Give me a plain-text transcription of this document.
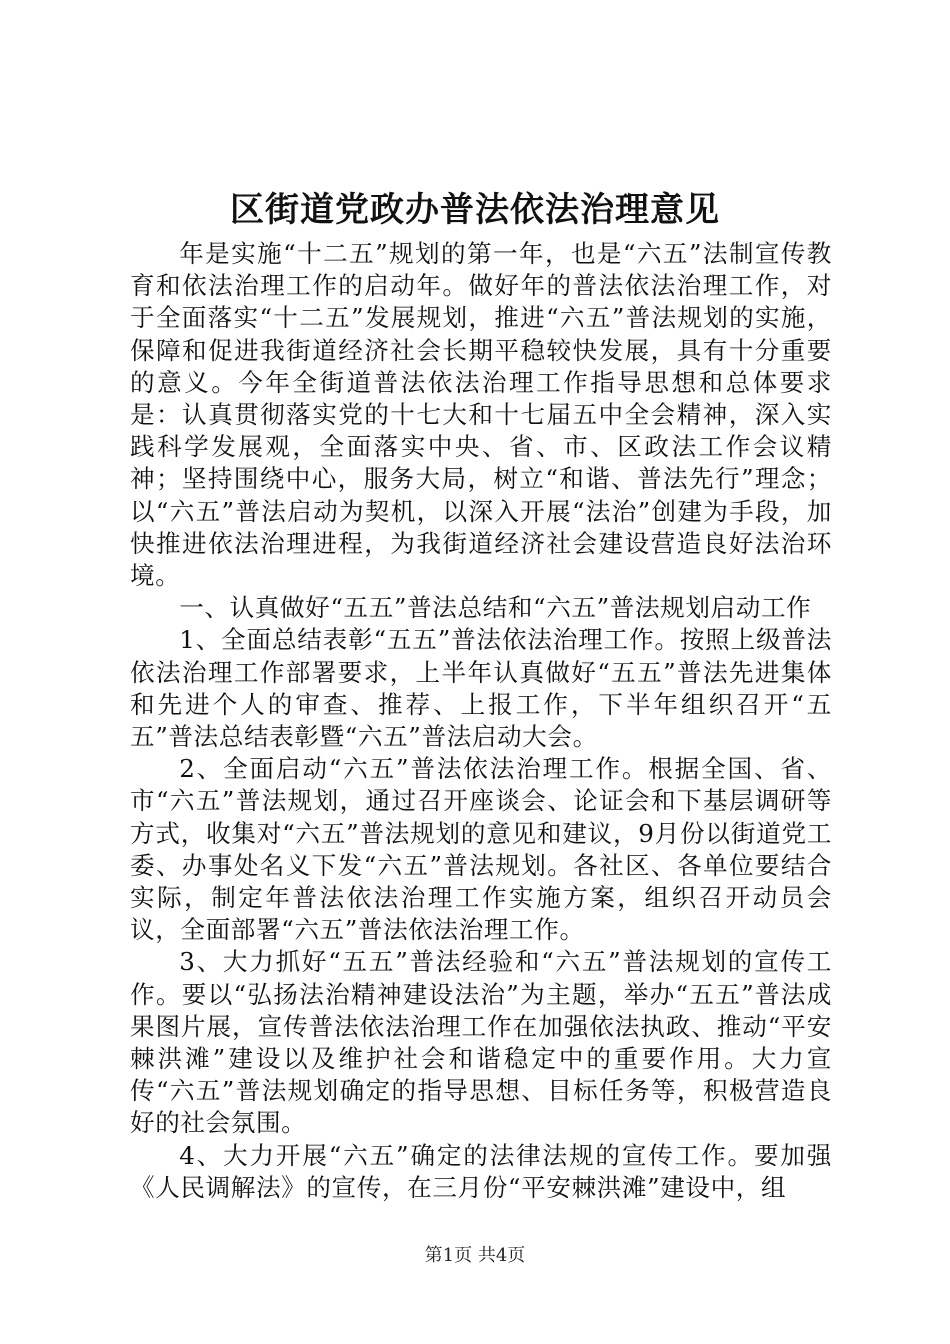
区街道党政办普法依法治理意见

年是实施“十二五”规划的第一年，也是“六五”法制宣传教育和依法治理工作的启动年。做好年的普法依法治理工作，对于全面落实“十二五”发展规划，推进“六五”普法规划的实施，保障和促进我街道经济社会长期平稳较快发展，具有十分重要的意义。今年全街道普法依法治理工作指导思想和总体要求是：认真贯彻落实党的十七大和十七届五中全会精神，深入实践科学发展观，全面落实中央、省、市、区政法工作会议精神；坚持围绕中心，服务大局，树立“和谐、普法先行”理念；以“六五”普法启动为契机，以深入开展“法治”创建为手段，加快推进依法治理进程，为我街道经济社会建设营造良好法治环境。

一、认真做好“五五”普法总结和“六五”普法规划启动工作

1、全面总结表彰“五五”普法依法治理工作。按照上级普法依法治理工作部署要求，上半年认真做好“五五”普法先进集体和先进个人的审查、推荐、上报工作，下半年组织召开“五五”普法总结表彰暨“六五”普法启动大会。

2、全面启动“六五”普法依法治理工作。根据全国、省、市“六五”普法规划，通过召开座谈会、论证会和下基层调研等方式，收集对“六五”普法规划的意见和建议，9月份以街道党工委、办事处名义下发“六五”普法规划。各社区、各单位要结合实际，制定年普法依法治理工作实施方案，组织召开动员会议，全面部署“六五”普法依法治理工作。

3、大力抓好“五五”普法经验和“六五”普法规划的宣传工作。要以“弘扬法治精神建设法治”为主题，举办“五五”普法成果图片展，宣传普法依法治理工作在加强依法执政、推动“平安棘洪滩”建设以及维护社会和谐稳定中的重要作用。大力宣传“六五”普法规划确定的指导思想、目标任务等，积极营造良好的社会氛围。

4、大力开展“六五”确定的法律法规的宣传工作。要加强《人民调解法》的宣传，在三月份“平安棘洪滩”建设中，组

第1页 共4页
